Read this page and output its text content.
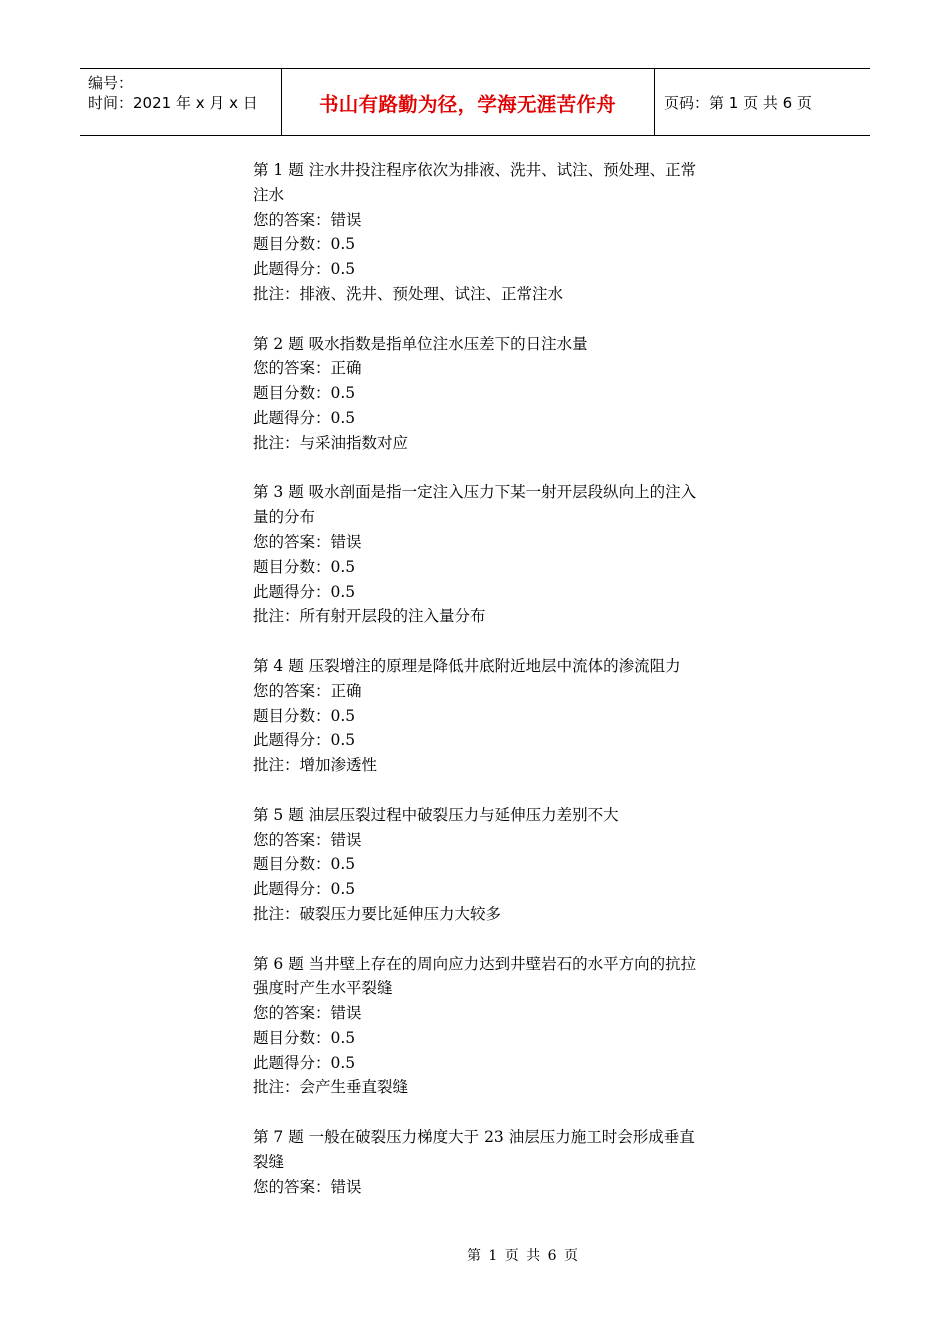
编号：
时间：2021 年 x 月 x 日	书山有路勤为径，学海无涯苦作舟	页码：第 1 页 共 6 页

第 1 题 注水井投注程序依次为排液、洗井、试注、预处理、正常注水

您的答案：错误

题目分数：0.5

此题得分：0.5

批注：排液、洗井、预处理、试注、正常注水

第 2 题 吸水指数是指单位注水压差下的日注水量

您的答案：正确

题目分数：0.5

此题得分：0.5

批注：与采油指数对应

第 3 题 吸水剖面是指一定注入压力下某一射开层段纵向上的注入量的分布

您的答案：错误

题目分数：0.5

此题得分：0.5

批注：所有射开层段的注入量分布

第 4 题 压裂增注的原理是降低井底附近地层中流体的渗流阻力

您的答案：正确

题目分数：0.5

此题得分：0.5

批注：增加渗透性

第 5 题 油层压裂过程中破裂压力与延伸压力差别不大

您的答案：错误

题目分数：0.5

此题得分：0.5

批注：破裂压力要比延伸压力大较多

第 6 题 当井壁上存在的周向应力达到井壁岩石的水平方向的抗拉强度时产生水平裂缝

您的答案：错误

题目分数：0.5

此题得分：0.5

批注：会产生垂直裂缝

第 7 题 一般在破裂压力梯度大于 23 油层压力施工时会形成垂直裂缝

您的答案：错误

第 1 页 共 6 页
